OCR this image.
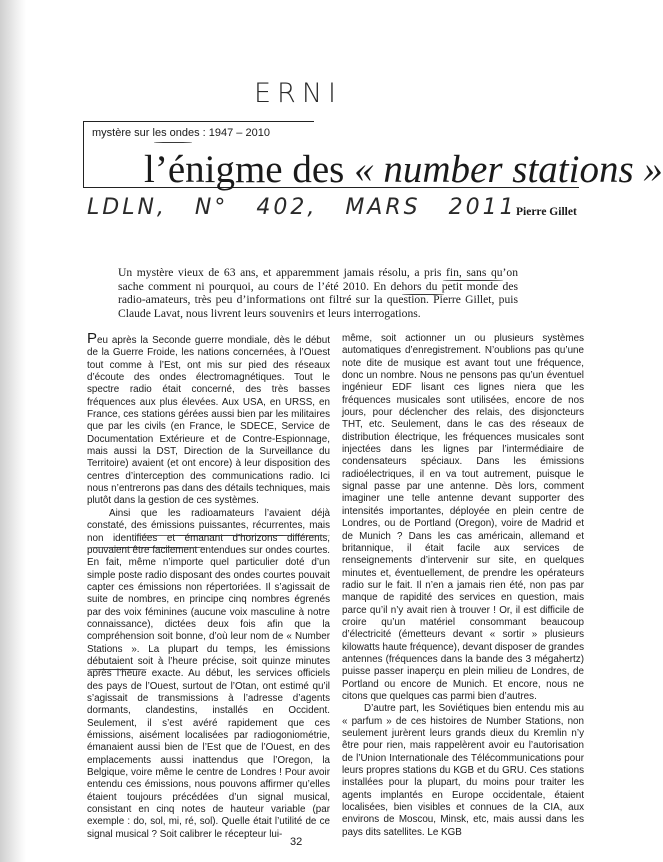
ERNI
mystère sur les ondes : 1947 – 2010
l’énigme des « number stations »
LDLN, N° 402, MARS 2011 Pierre Gillet
Un mystère vieux de 63 ans, et apparemment jamais résolu, a pris fin, sans qu’on sache comment ni pourquoi, au cours de l’été 2010. En dehors du petit monde des radio-amateurs, très peu d’informations ont filtré sur la question. Pierre Gillet, puis Claude Lavat, nous livrent leurs souvenirs et leurs interrogations.

Peu après la Seconde guerre mondiale, dès le début de la Guerre Froide, les nations concernées, à l’Ouest tout comme à l’Est, ont mis sur pied des réseaux d’écoute des ondes électromagnétiques. Tout le spectre radio était concerné, des très basses fréquences aux plus élevées. Aux USA, en URSS, en France, ces stations gérées aussi bien par les militaires que par les civils (en France, le SDECE, Service de Documentation Extérieure et de Contre-Espionnage, mais aussi la DST, Direction de la Surveillance du Territoire) avaient (et ont encore) à leur disposition des centres d’interception des communications radio. Ici nous n’entrerons pas dans des détails techniques, mais plutôt dans la gestion de ces systèmes.

Ainsi que les radioamateurs l’avaient déjà constaté, des émissions puissantes, récurrentes, mais non identifiées et émanant d’horizons différents, pouvaient être facilement entendues sur ondes courtes. En fait, même n’importe quel particulier doté d’un simple poste radio disposant des ondes courtes pouvait capter ces émissions non répertoriées. Il s’agissait de suite de nombres, en principe cinq nombres égrenés par des voix féminines (aucune voix masculine à notre connaissance), dictées deux fois afin que la compréhension soit bonne, d’où leur nom de « Number Stations ». La plupart du temps, les émissions débutaient soit à l’heure précise, soit quinze minutes après l’heure exacte. Au début, les services officiels des pays de l’Ouest, surtout de l’Otan, ont estimé qu’il s’agissait de transmissions à l’adresse d’agents dormants, clandestins, installés en Occident. Seulement, il s’est avéré rapidement que ces émissions, aisément localisées par radiogoniométrie, émanaient aussi bien de l’Est que de l’Ouest, en des emplacements aussi inattendus que l’Oregon, la Belgique, voire même le centre de Londres ! Pour avoir entendu ces émissions, nous pouvons affirmer qu’elles étaient toujours précédées d’un signal musical, consistant en cinq notes de hauteur variable (par exemple : do, sol, mi, ré, sol). Quelle était l’utilité de ce signal musical ? Soit calibrer le récepteur lui-

même, soit actionner un ou plusieurs systèmes automatiques d’enregistrement. N’oublions pas qu’une note dite de musique est avant tout une fréquence, donc un nombre. Nous ne pensons pas qu’un éventuel ingénieur EDF lisant ces lignes niera que les fréquences musicales sont utilisées, encore de nos jours, pour déclencher des relais, des disjoncteurs THT, etc. Seulement, dans le cas des réseaux de distribution électrique, les fréquences musicales sont injectées dans les lignes par l’intermédiaire de condensateurs spéciaux. Dans les émissions radioélectriques, il en va tout autrement, puisque le signal passe par une antenne. Dès lors, comment imaginer une telle antenne devant supporter des intensités importantes, déployée en plein centre de Londres, ou de Portland (Oregon), voire de Madrid et de Munich ? Dans les cas américain, allemand et britannique, il était facile aux services de renseignements d’intervenir sur site, en quelques minutes et, éventuellement, de prendre les opérateurs radio sur le fait. Il n’en a jamais rien été, non pas par manque de rapidité des services en question, mais parce qu’il n’y avait rien à trouver ! Or, il est difficile de croire qu’un matériel consommant beaucoup d’électricité (émetteurs devant « sortir » plusieurs kilowatts haute fréquence), devant disposer de grandes antennes (fréquences dans la bande des 3 mégahertz) puisse passer inaperçu en plein milieu de Londres, de Portland ou encore de Munich. Et encore, nous ne citons que quelques cas parmi bien d’autres.

D’autre part, les Soviétiques bien entendu mis au « parfum » de ces histoires de Number Stations, non seulement jurèrent leurs grands dieux du Kremlin n’y être pour rien, mais rappelèrent avoir eu l’autorisation de l’Union Internationale des Télécommunications pour leurs propres stations du KGB et du GRU. Ces stations installées pour la plupart, du moins pour traiter les agents implantés en Europe occidentale, étaient localisées, bien visibles et connues de la CIA, aux environs de Moscou, Minsk, etc, mais aussi dans les pays dits satellites. Le KGB

32
